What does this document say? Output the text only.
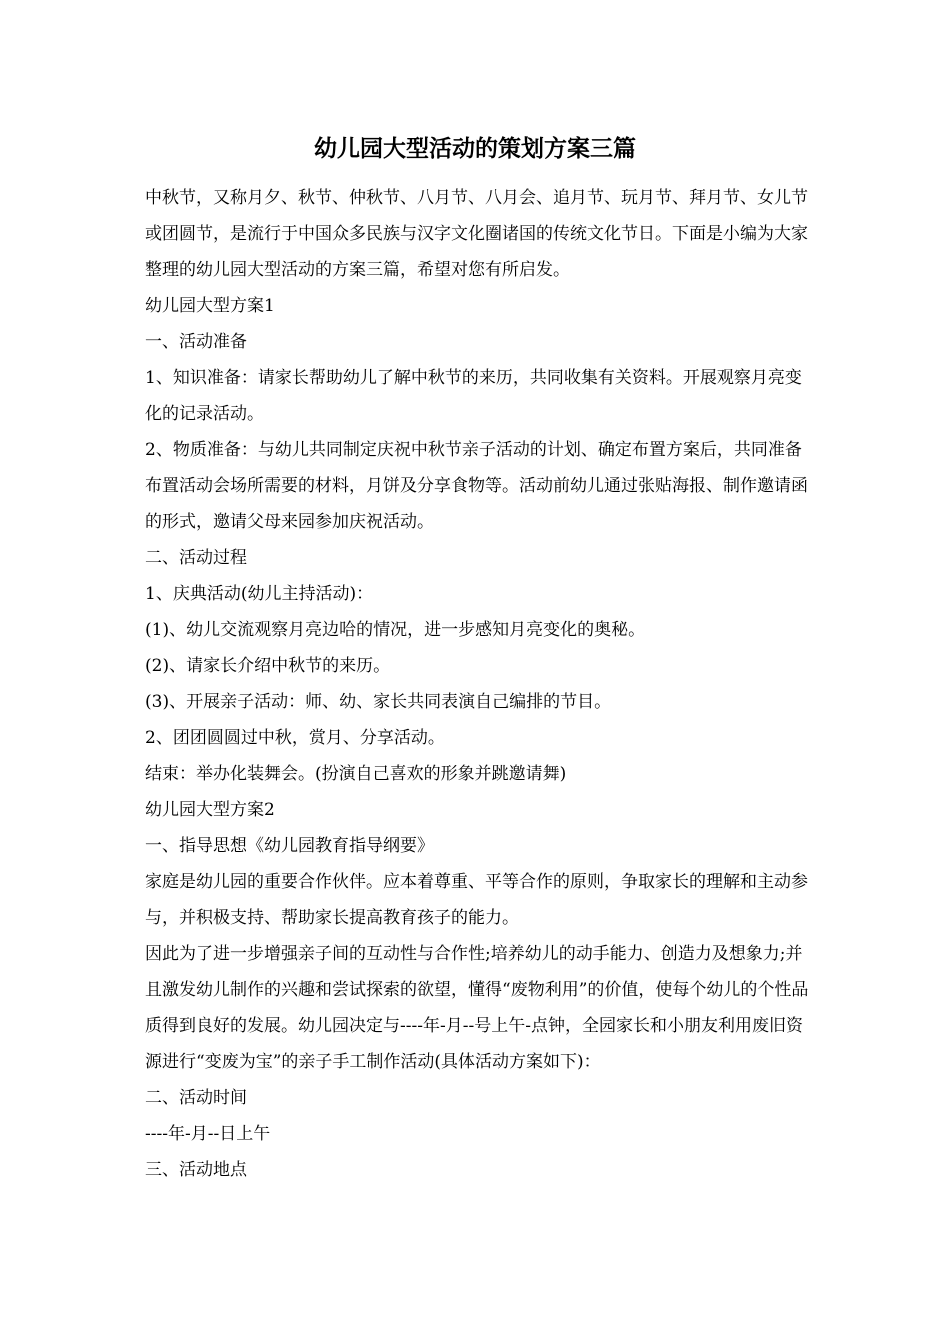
幼儿园大型活动的策划方案三篇

中秋节，又称月夕、秋节、仲秋节、八月节、八月会、追月节、玩月节、拜月节、女儿节或团圆节，是流行于中国众多民族与汉字文化圈诸国的传统文化节日。下面是小编为大家整理的幼儿园大型活动的方案三篇，希望对您有所启发。

幼儿园大型方案1

一、活动准备

1、知识准备：请家长帮助幼儿了解中秋节的来历，共同收集有关资料。开展观察月亮变化的记录活动。

2、物质准备：与幼儿共同制定庆祝中秋节亲子活动的计划、确定布置方案后，共同准备布置活动会场所需要的材料，月饼及分享食物等。活动前幼儿通过张贴海报、制作邀请函的形式，邀请父母来园参加庆祝活动。

二、活动过程

1、庆典活动(幼儿主持活动)：

(1)、幼儿交流观察月亮边哈的情况，进一步感知月亮变化的奥秘。

(2)、请家长介绍中秋节的来历。

(3)、开展亲子活动：师、幼、家长共同表演自己编排的节目。

2、团团圆圆过中秋，赏月、分享活动。

结束：举办化装舞会。(扮演自己喜欢的形象并跳邀请舞)

幼儿园大型方案2

一、指导思想《幼儿园教育指导纲要》

家庭是幼儿园的重要合作伙伴。应本着尊重、平等合作的原则，争取家长的理解和主动参与，并积极支持、帮助家长提高教育孩子的能力。

因此为了进一步增强亲子间的互动性与合作性;培养幼儿的动手能力、创造力及想象力;并且激发幼儿制作的兴趣和尝试探索的欲望，懂得“废物利用”的价值，使每个幼儿的个性品质得到良好的发展。幼儿园决定与----年-月--号上午-点钟，全园家长和小朋友利用废旧资源进行“变废为宝”的亲子手工制作活动(具体活动方案如下)：

二、活动时间

----年-月--日上午

三、活动地点
